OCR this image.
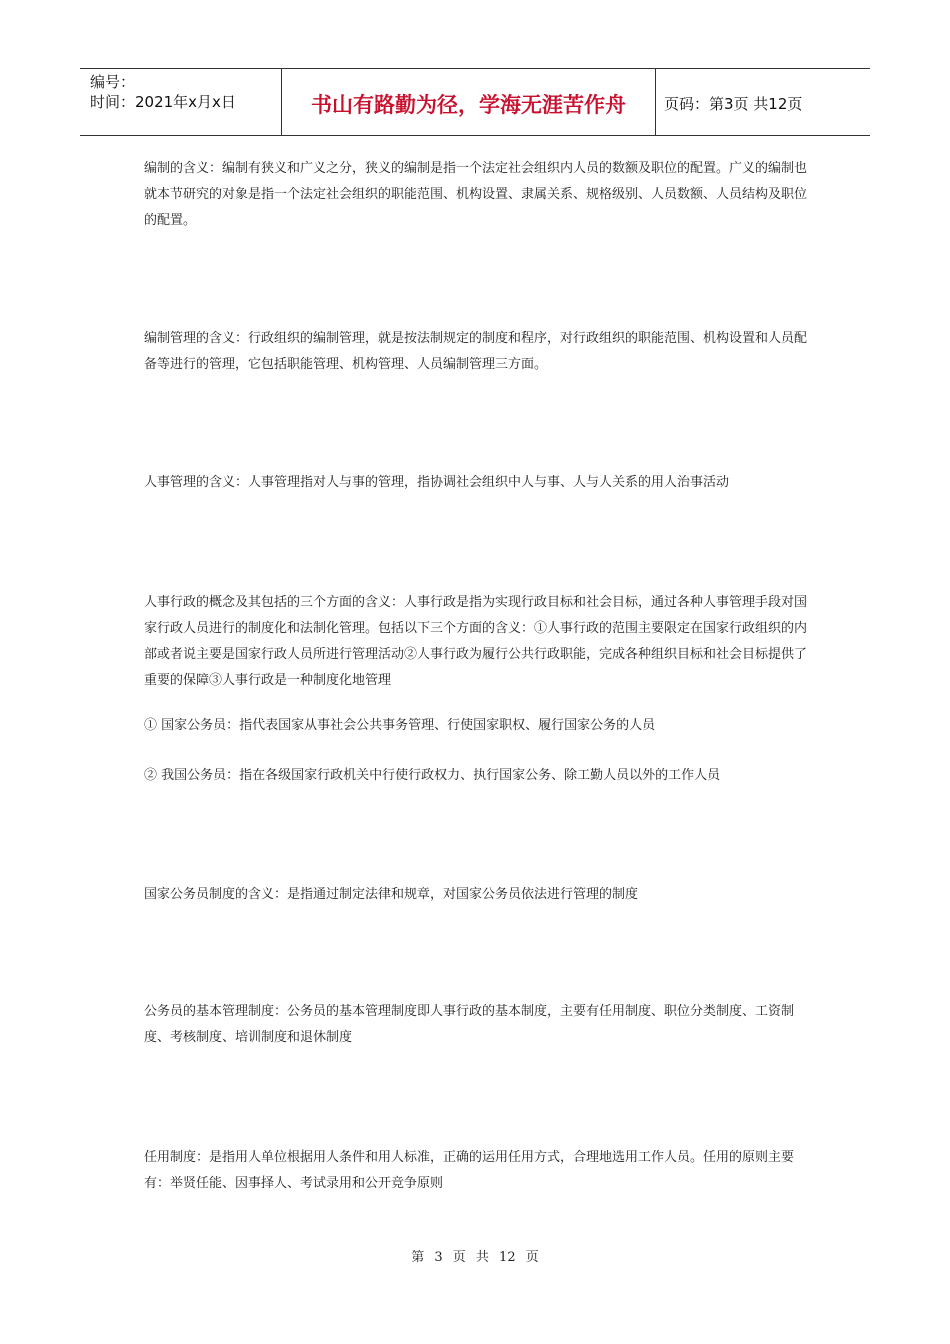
编号：
时间：2021年x月x日	书山有路勤为径，学海无涯苦作舟	页码：第3页 共12页

编制的含义：编制有狭义和广义之分，狭义的编制是指一个法定社会组织内人员的数额及职位的配置。广义的编制也就本节研究的对象是指一个法定社会组织的职能范围、机构设置、隶属关系、规格级别、人员数额、人员结构及职位的配置。

编制管理的含义：行政组织的编制管理，就是按法制规定的制度和程序，对行政组织的职能范围、机构设置和人员配备等进行的管理，它包括职能管理、机构管理、人员编制管理三方面。

人事管理的含义：人事管理指对人与事的管理，指协调社会组织中人与事、人与人关系的用人治事活动

人事行政的概念及其包括的三个方面的含义：人事行政是指为实现行政目标和社会目标，通过各种人事管理手段对国家行政人员进行的制度化和法制化管理。包括以下三个方面的含义：①人事行政的范围主要限定在国家行政组织的内部或者说主要是国家行政人员所进行管理活动②人事行政为履行公共行政职能，完成各种组织目标和社会目标提供了重要的保障③人事行政是一种制度化地管理

① 国家公务员：指代表国家从事社会公共事务管理、行使国家职权、履行国家公务的人员

② 我国公务员：指在各级国家行政机关中行使行政权力、执行国家公务、除工勤人员以外的工作人员

国家公务员制度的含义：是指通过制定法律和规章，对国家公务员依法进行管理的制度

公务员的基本管理制度：公务员的基本管理制度即人事行政的基本制度，主要有任用制度、职位分类制度、工资制度、考核制度、培训制度和退休制度

任用制度：是指用人单位根据用人条件和用人标准，正确的运用任用方式，合理地选用工作人员。任用的原则主要有：举贤任能、因事择人、考试录用和公开竞争原则

第 3 页 共 12 页
